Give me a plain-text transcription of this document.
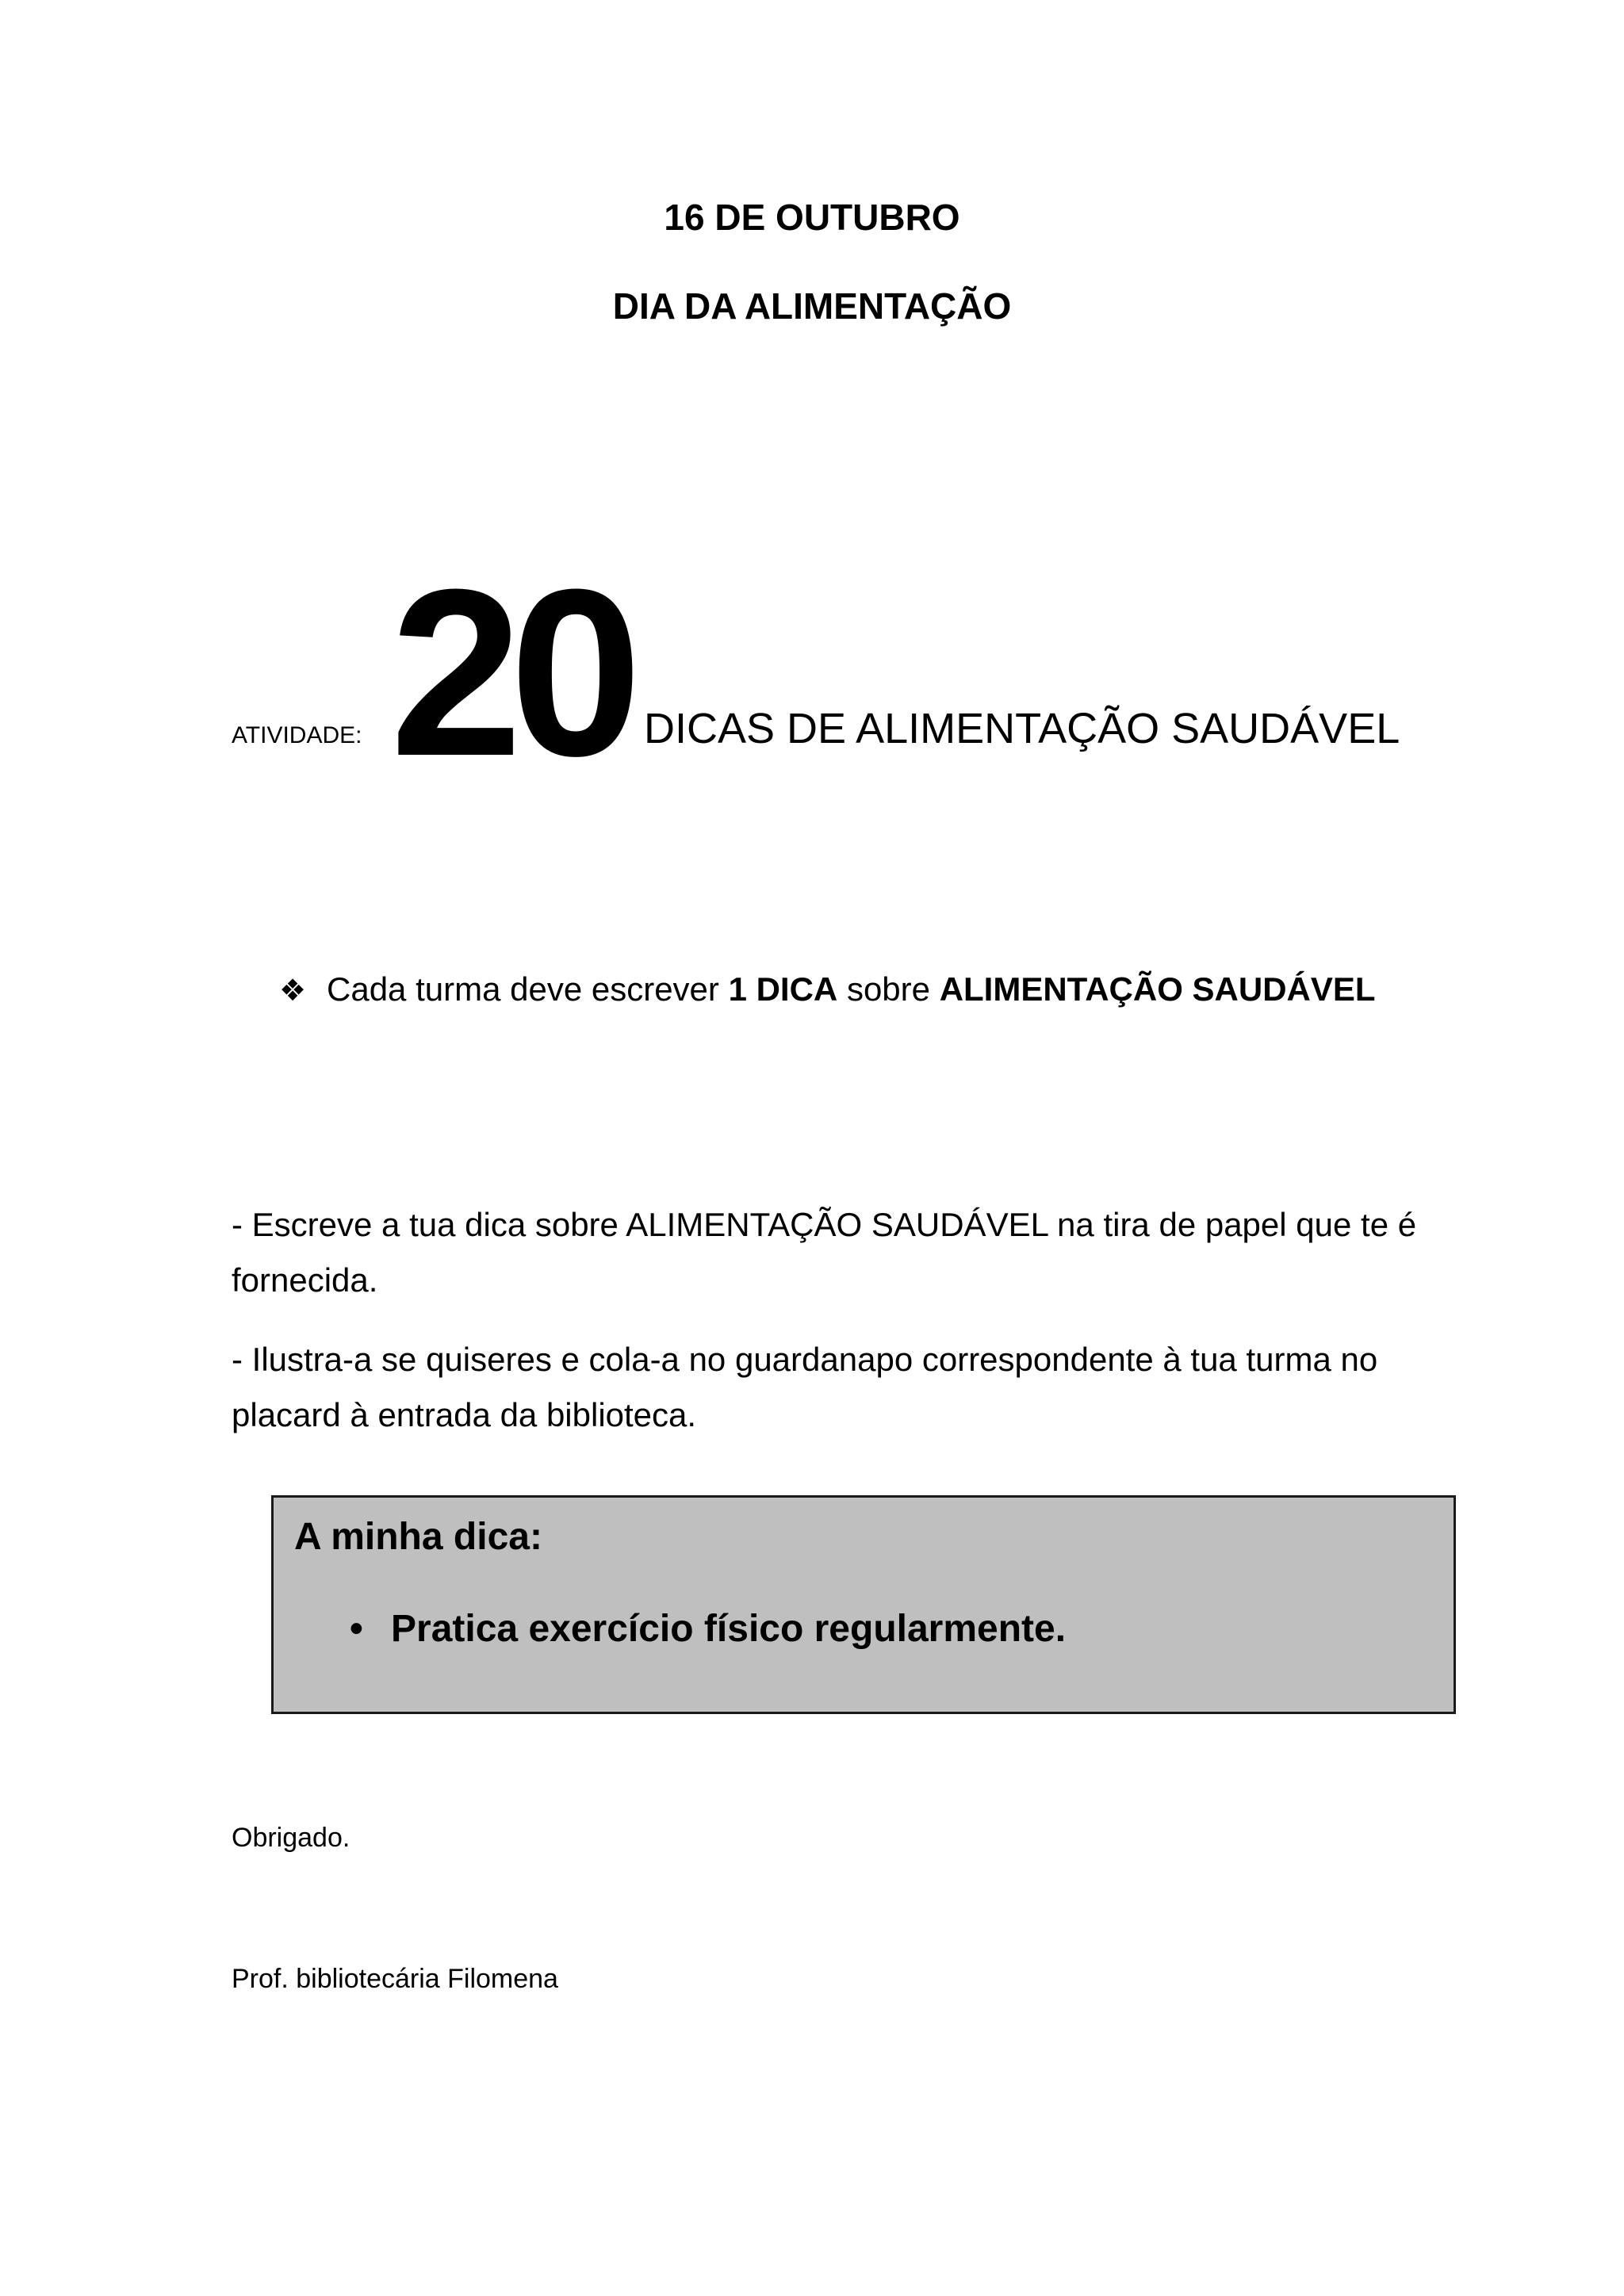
16 DE OUTUBRO
DIA DA ALIMENTAÇÃO
ATIVIDADE: 20 DICAS DE ALIMENTAÇÃO SAUDÁVEL
❖ Cada turma deve escrever 1 DICA sobre ALIMENTAÇÃO SAUDÁVEL
- Escreve a tua dica sobre ALIMENTAÇÃO SAUDÁVEL na tira de papel que te é fornecida.
- Ilustra-a se quiseres e cola-a no guardanapo correspondente à tua turma no placard à entrada da biblioteca.
A minha dica:
• Pratica exercício físico regularmente.
Obrigado.
Prof. bibliotecária Filomena
